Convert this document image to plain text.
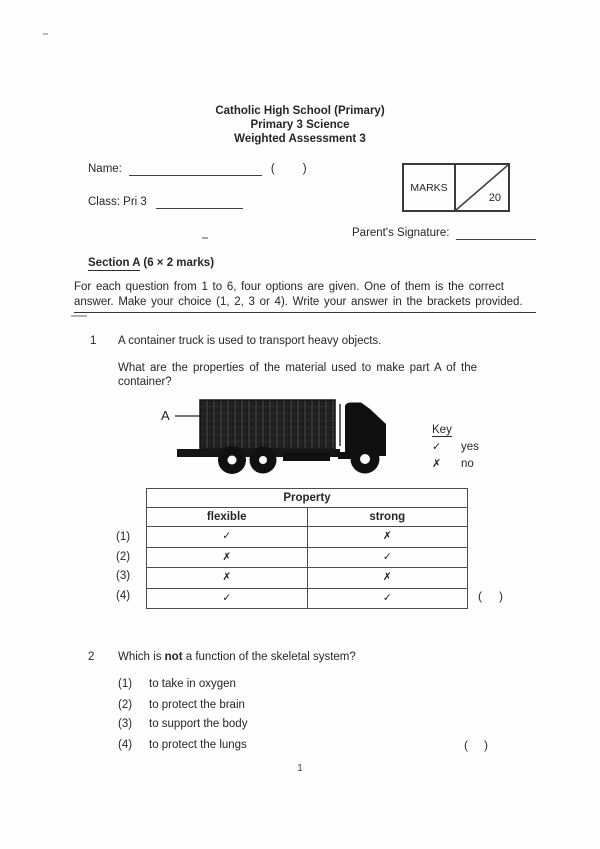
Catholic High School (Primary)
Primary 3 Science
Weighted Assessment 3
Name:	( )
Class: Pri 3
MARKS
20
Parent's Signature:
Section A (6 × 2 marks)
For each question from 1 to 6, four options are given. One of them is the correct
answer. Make your choice (1, 2, 3 or 4). Write your answer in the brackets provided.
1 A container truck is used to transport heavy objects.
What are the properties of the material used to make part A of the
container?
A
Key
✓ yes
✗ no
(1)
(2)
(3)
(4)
Property	
flexible	strong
✓	✗
✗	✓
✗	✗
✓	✓	( )
2 Which is not a function of the skeletal system?
(1) to take in oxygen
(2) to protect the brain
(3) to support the body
(4) to protect the lungs	( )
1
